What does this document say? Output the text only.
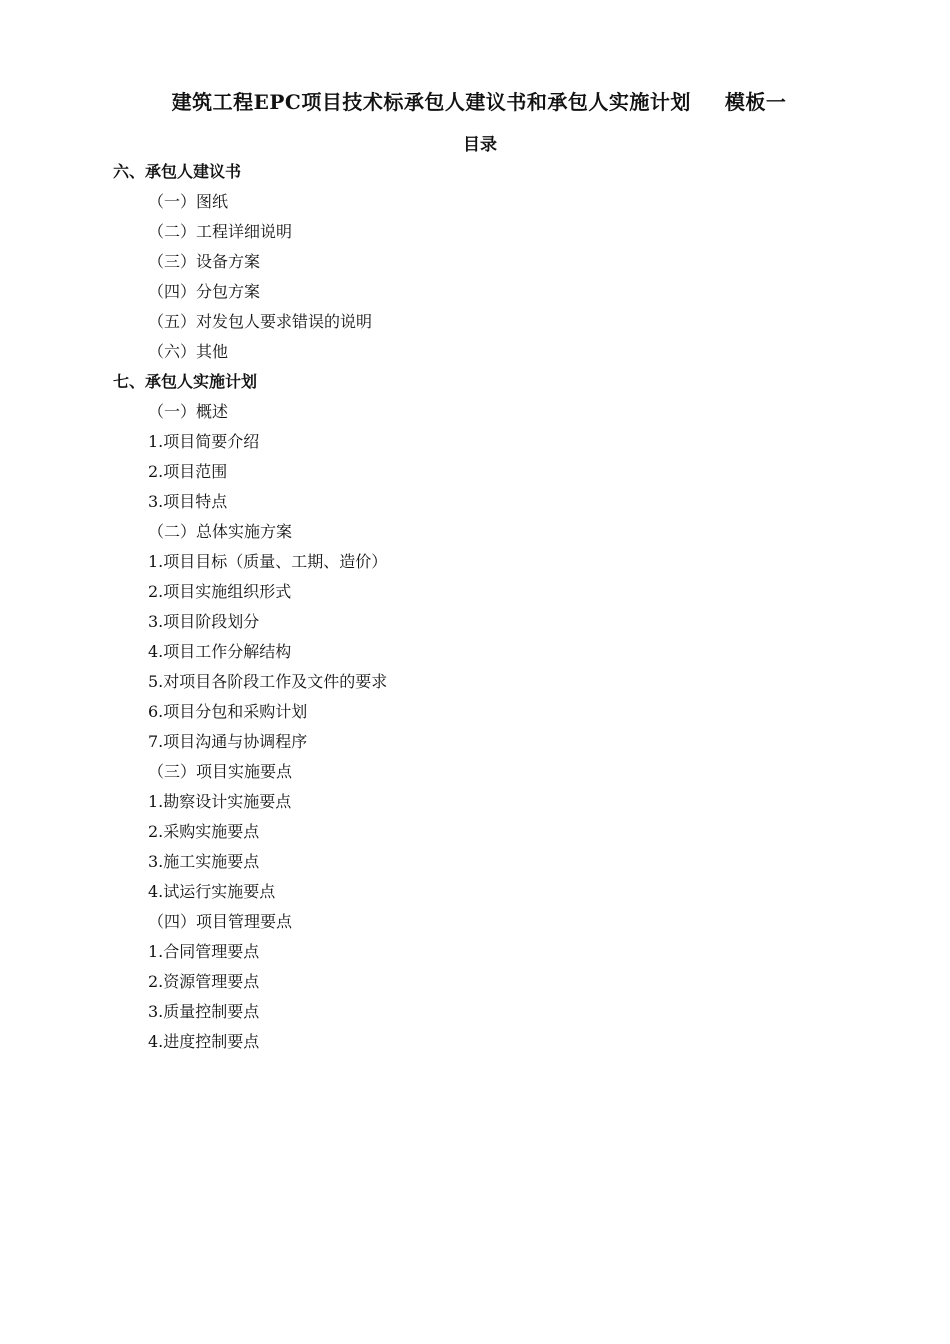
建筑工程EPC项目技术标承包人建议书和承包人实施计划 模板一
目录
六、承包人建议书
（一）图纸
（二）工程详细说明
（三）设备方案
（四）分包方案
（五）对发包人要求错误的说明
（六）其他
七、承包人实施计划
（一）概述
1.项目简要介绍
2.项目范围
3.项目特点
（二）总体实施方案
1.项目目标（质量、工期、造价）
2.项目实施组织形式
3.项目阶段划分
4.项目工作分解结构
5.对项目各阶段工作及文件的要求
6.项目分包和采购计划
7.项目沟通与协调程序
（三）项目实施要点
1.勘察设计实施要点
2.采购实施要点
3.施工实施要点
4.试运行实施要点
（四）项目管理要点
1.合同管理要点
2.资源管理要点
3.质量控制要点
4.进度控制要点
